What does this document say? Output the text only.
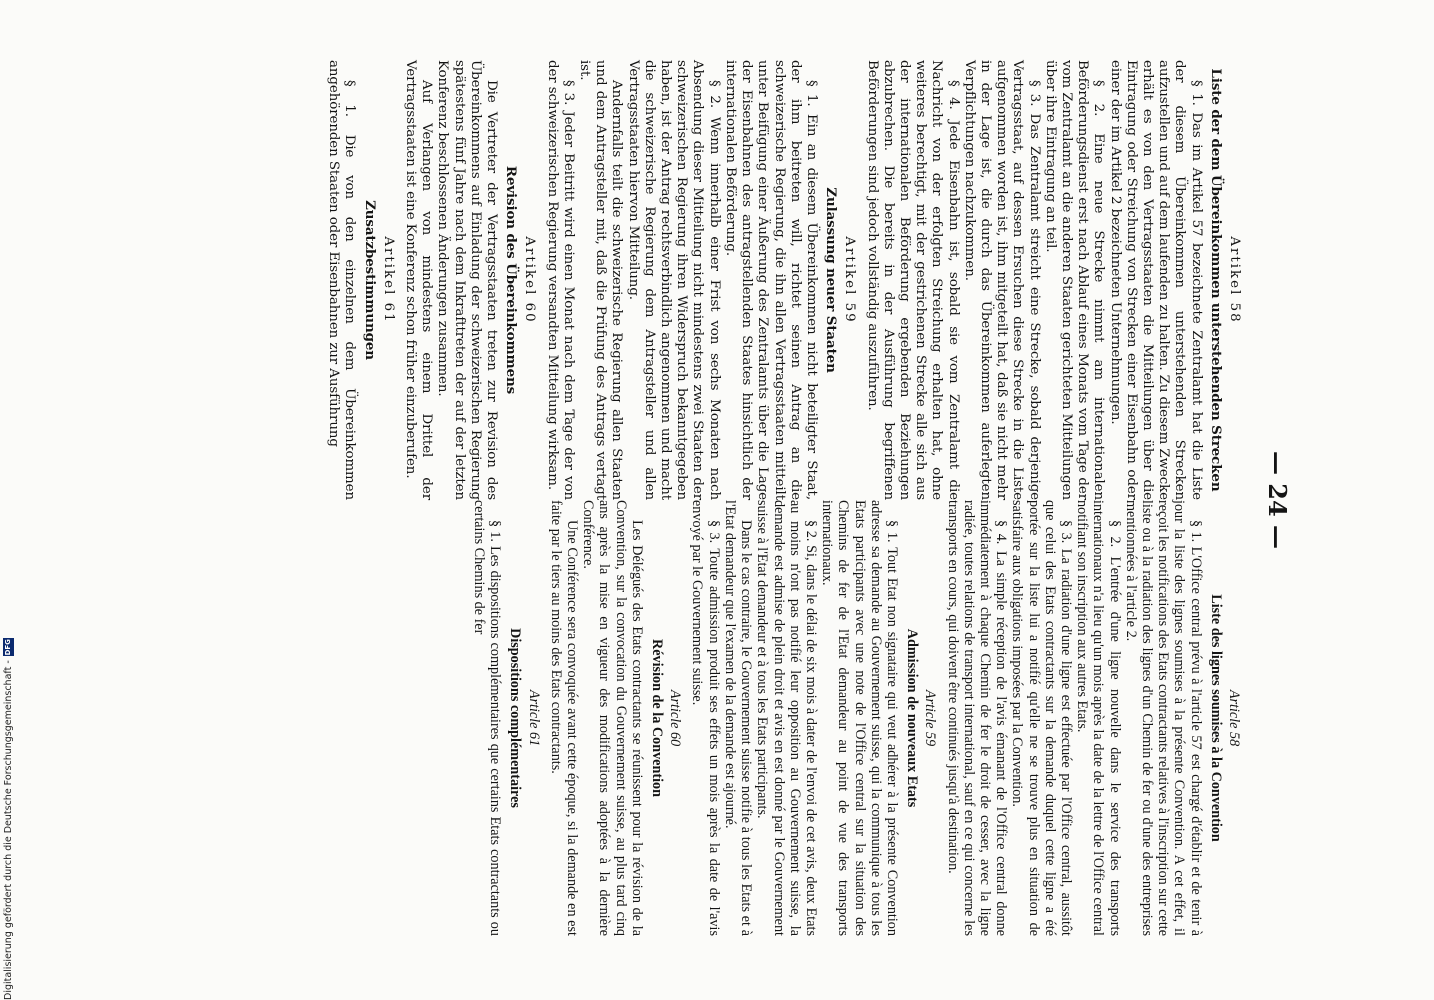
— 24 —
Article 58
Liste des lignes soumises à la Convention

§ 1. L'Office central prévu à l'article 57 est chargé d'établir et de tenir à jour la liste des lignes soumises à la présente Convention. A cet effet, il reçoit les notifications des Etats contractants relatives à l'inscription sur cette liste ou à la radiation des lignes d'un Chemin de fer ou d'une des entreprises mentionnées à l'article 2.

§ 2. L'entrée d'une ligne nouvelle dans le service des transports internationaux n'a lieu qu'un mois après la date de la lettre de l'Office central notifiant son inscription aux autres Etats.

§ 3. La radiation d'une ligne est effectuée par l'Office central, aussitôt que celui des Etats contractants sur la demande duquel cette ligne a été portée sur la liste lui a notifié qu'elle ne se trouve plus en situation de satisfaire aux obligations imposées par la Convention.

§ 4. La simple réception de l'avis émanant de l'Office central donne immédiatement à chaque Chemin de fer le droit de cesser, avec la ligne radiée, toutes relations de transport international, sauf en ce qui concerne les transports en cours, qui doivent être continués jusqu'à destination.

Article 59
Admission de nouveaux Etats

§ 1. Tout Etat non signataire qui veut adhérer à la présente Convention adresse sa demande au Gouvernement suisse, qui la communique à tous les Etats participants avec une note de l'Office central sur la situation des Chemins de fer de l'Etat demandeur au point de vue des transports internationaux.

§ 2. Si, dans le délai de six mois à dater de l'envoi de cet avis, deux Etats au moins n'ont pas notifié leur opposition au Gouvernement suisse, la demande est admise de plein droit et avis en est donné par le Gouvernement suisse à l'Etat demandeur et à tous les Etats participants.

Dans le cas contraire, le Gouvernement suisse notifie à tous les Etats et à l'Etat demandeur que l'examen de la demande est ajourné.

§ 3. Toute admission produit ses effets un mois après la date de l'avis envoyé par le Gouvernement suisse.

Article 60
Révision de la Convention

Les Délégués des Etats contractants se réunissent pour la révision de la Convention, sur la convocation du Gouvernement suisse, au plus tard cinq ans après la mise en vigueur des modifications adoptées à la dernière Conférence.

Une Conférence sera convoquée avant cette époque, si la demande en est faite par le tiers au moins des Etats contractants.

Article 61
Dispositions complémentaires

§ 1. Les dispositions complémentaires que certains Etats contractants ou certains Chemins de fer

Artikel 58
Liste der dem Übereinkommen unterstehenden Strecken

§ 1. Das im Artikel 57 bezeichnete Zentralamt hat die Liste der diesem Übereinkommen unterstehenden Strecken aufzustellen und auf dem laufenden zu halten. Zu diesem Zwecke erhält es von den Vertragsstaaten die Mitteilungen über die Eintragung oder Streichung von Strecken einer Eisenbahn oder einer der im Artikel 2 bezeichneten Unternehmungen.

§ 2. Eine neue Strecke nimmt am internationalen Beförderungsdienst erst nach Ablauf eines Monats vom Tage der vom Zentralamt an die anderen Staaten gerichteten Mitteilungen über ihre Eintragung an teil.

§ 3. Das Zentralamt streicht eine Strecke, sobald derjenige Vertragsstaat, auf dessen Ersuchen diese Strecke in die Liste aufgenommen worden ist, ihm mitgeteilt hat, daß sie nicht mehr in der Lage ist, die durch das Übereinkommen auferlegten Verpflichtungen nachzukommen.

§ 4. Jede Eisenbahn ist, sobald sie vom Zentralamt die Nachricht von der erfolgten Streichung erhalten hat, ohne weiteres berechtigt, mit der gestrichenen Strecke alle sich aus der internationalen Beförderung ergebenden Beziehungen abzubrechen. Die bereits in der Ausführung begriffenen Beförderungen sind jedoch vollständig auszuführen.

Artikel 59
Zulassung neuer Staaten

§ 1. Ein an diesem Übereinkommen nicht beteiligter Staat, der ihm beitreten will, richtet seinen Antrag an die schweizerische Regierung, die ihn allen Vertragsstaaten mitteilt unter Beifügung einer Äußerung des Zentralamts über die Lage der Eisenbahnen des antragstellenden Staates hinsichtlich der internationalen Beförderung.

§ 2. Wenn innerhalb einer Frist von sechs Monaten nach Absendung dieser Mitteilung nicht mindestens zwei Staaten der schweizerischen Regierung ihren Widerspruch bekanntgegeben haben, ist der Antrag rechtsverbindlich angenommen und macht die schweizerische Regierung dem Antragsteller und allen Vertragsstaaten hiervon Mitteilung.

Andernfalls teilt die schweizerische Regierung allen Staaten und dem Antragsteller mit, daß die Prüfung des Antrags vertagt ist.

§ 3. Jeder Beitritt wird einen Monat nach dem Tage der von der schweizerischen Regierung versandten Mitteilung wirksam.

Artikel 60
Revision des Übereinkommens

Die Vertreter der Vertragsstaaten treten zur Revision des Übereinkommens auf Einladung der schweizerischen Regierung spätestens fünf Jahre nach dem Inkrafttreten der auf der letzten Konferenz beschlossenen Änderungen zusammen.

Auf Verlangen von mindestens einem Drittel der Vertragsstaaten ist eine Konferenz schon früher einzuberufen.

Artikel 61
Zusatzbestimmungen

§ 1. Die von den einzelnen dem Übereinkommen angehörenden Staaten oder Eisenbahnen zur Ausführung

Digitalisierung gefördert durch die Deutsche Forschungsgemeinschaft -
DFG
